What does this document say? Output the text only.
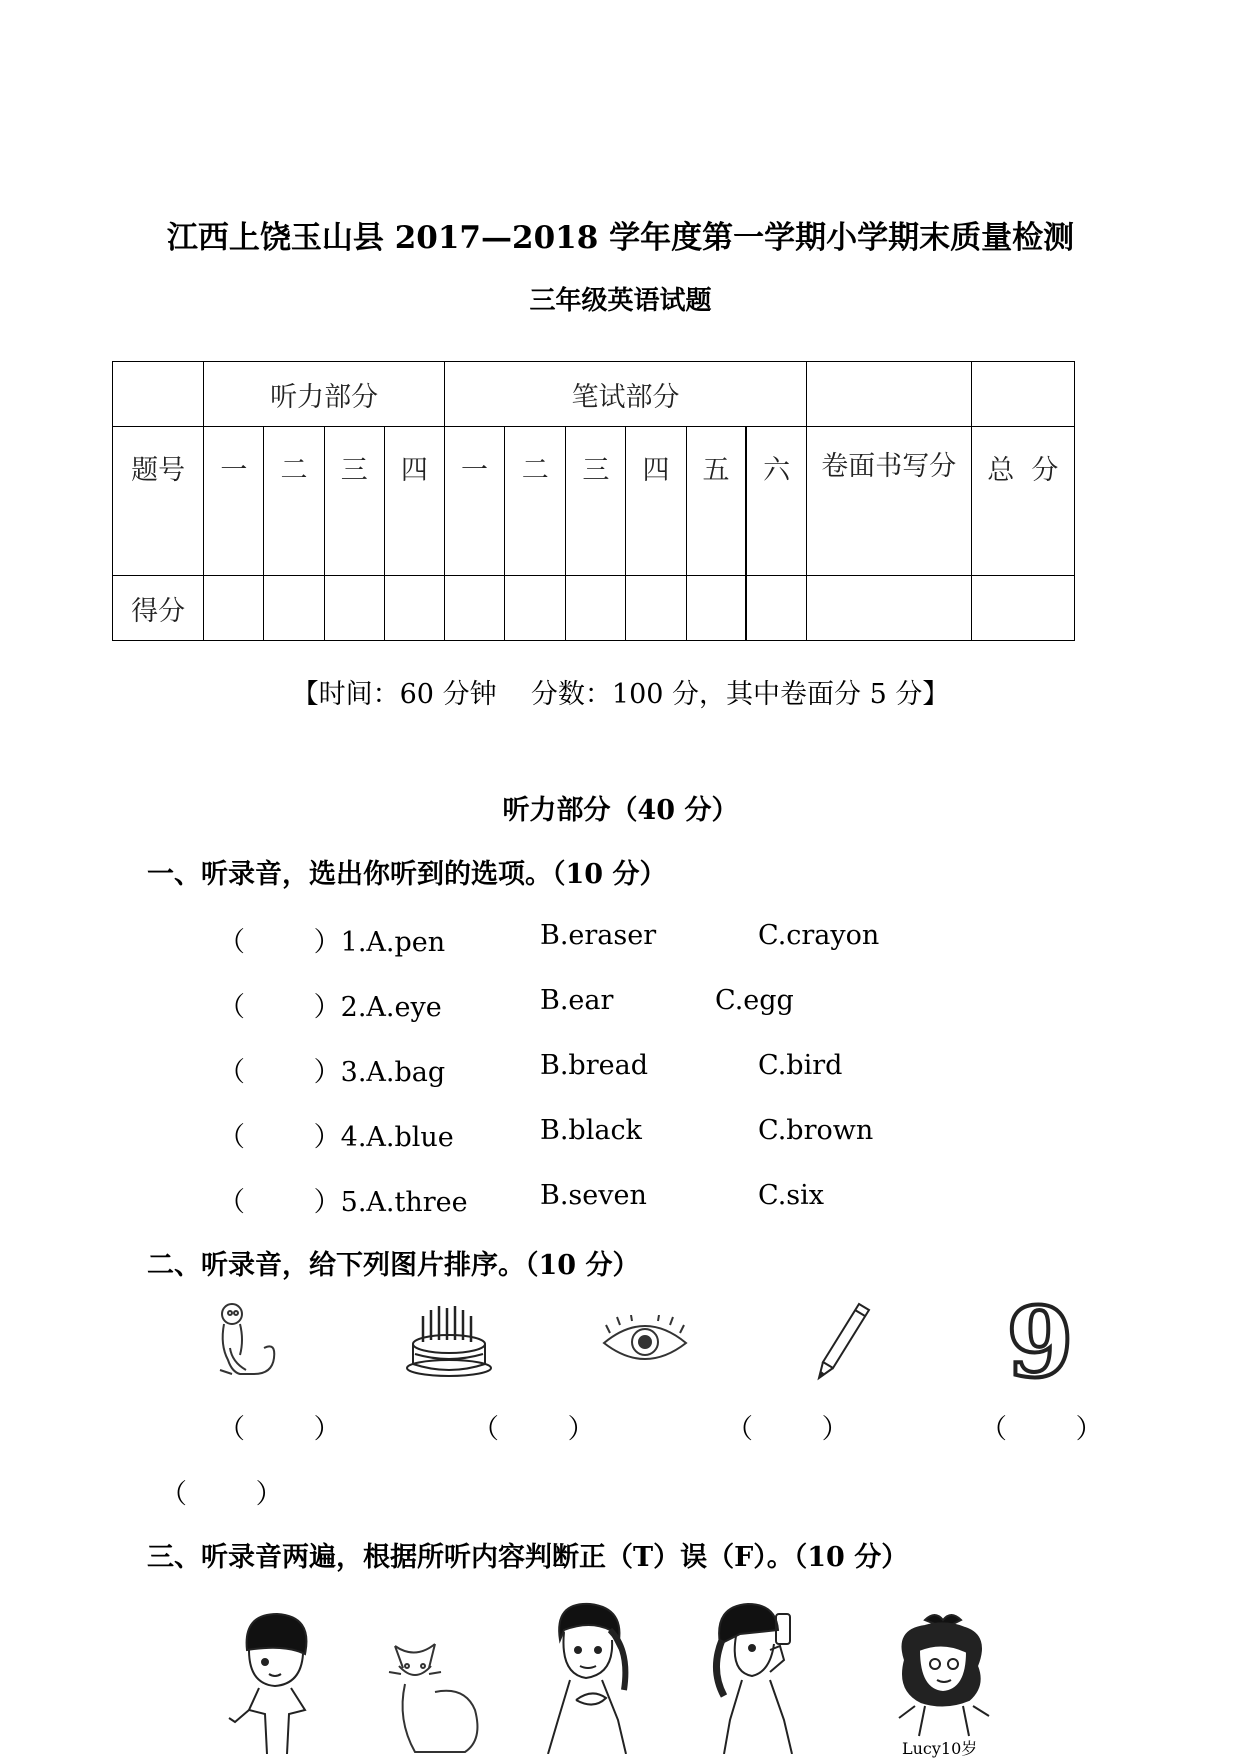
江西上饶玉山县 2017—2018 学年度第一学期小学期末质量检测
三年级英语试题
	听力部分				笔试部分							
题号	一	二	三	四	一	二	三	四	五	六	卷面书写分	总  分
得分												
【时间：60 分钟    分数：100 分，其中卷面分 5 分】
听力部分（40 分）
一、听录音，选出你听到的选项。（10 分）
（        ）1.A.pen	B.eraser	C.crayon
（        ）2.A.eye	B.ear	C.egg
（        ）3.A.bag	B.bread	C.bird
（        ）4.A.blue	B.black	C.brown
（        ）5.A.three	B.seven	C.six
二、听录音，给下列图片排序。（10 分）
9
（        ）	（        ）	（        ）	（        ）
（        ）
三、听录音两遍，根据所听内容判断正（T）误（F）。（10 分）
Lucy10岁
